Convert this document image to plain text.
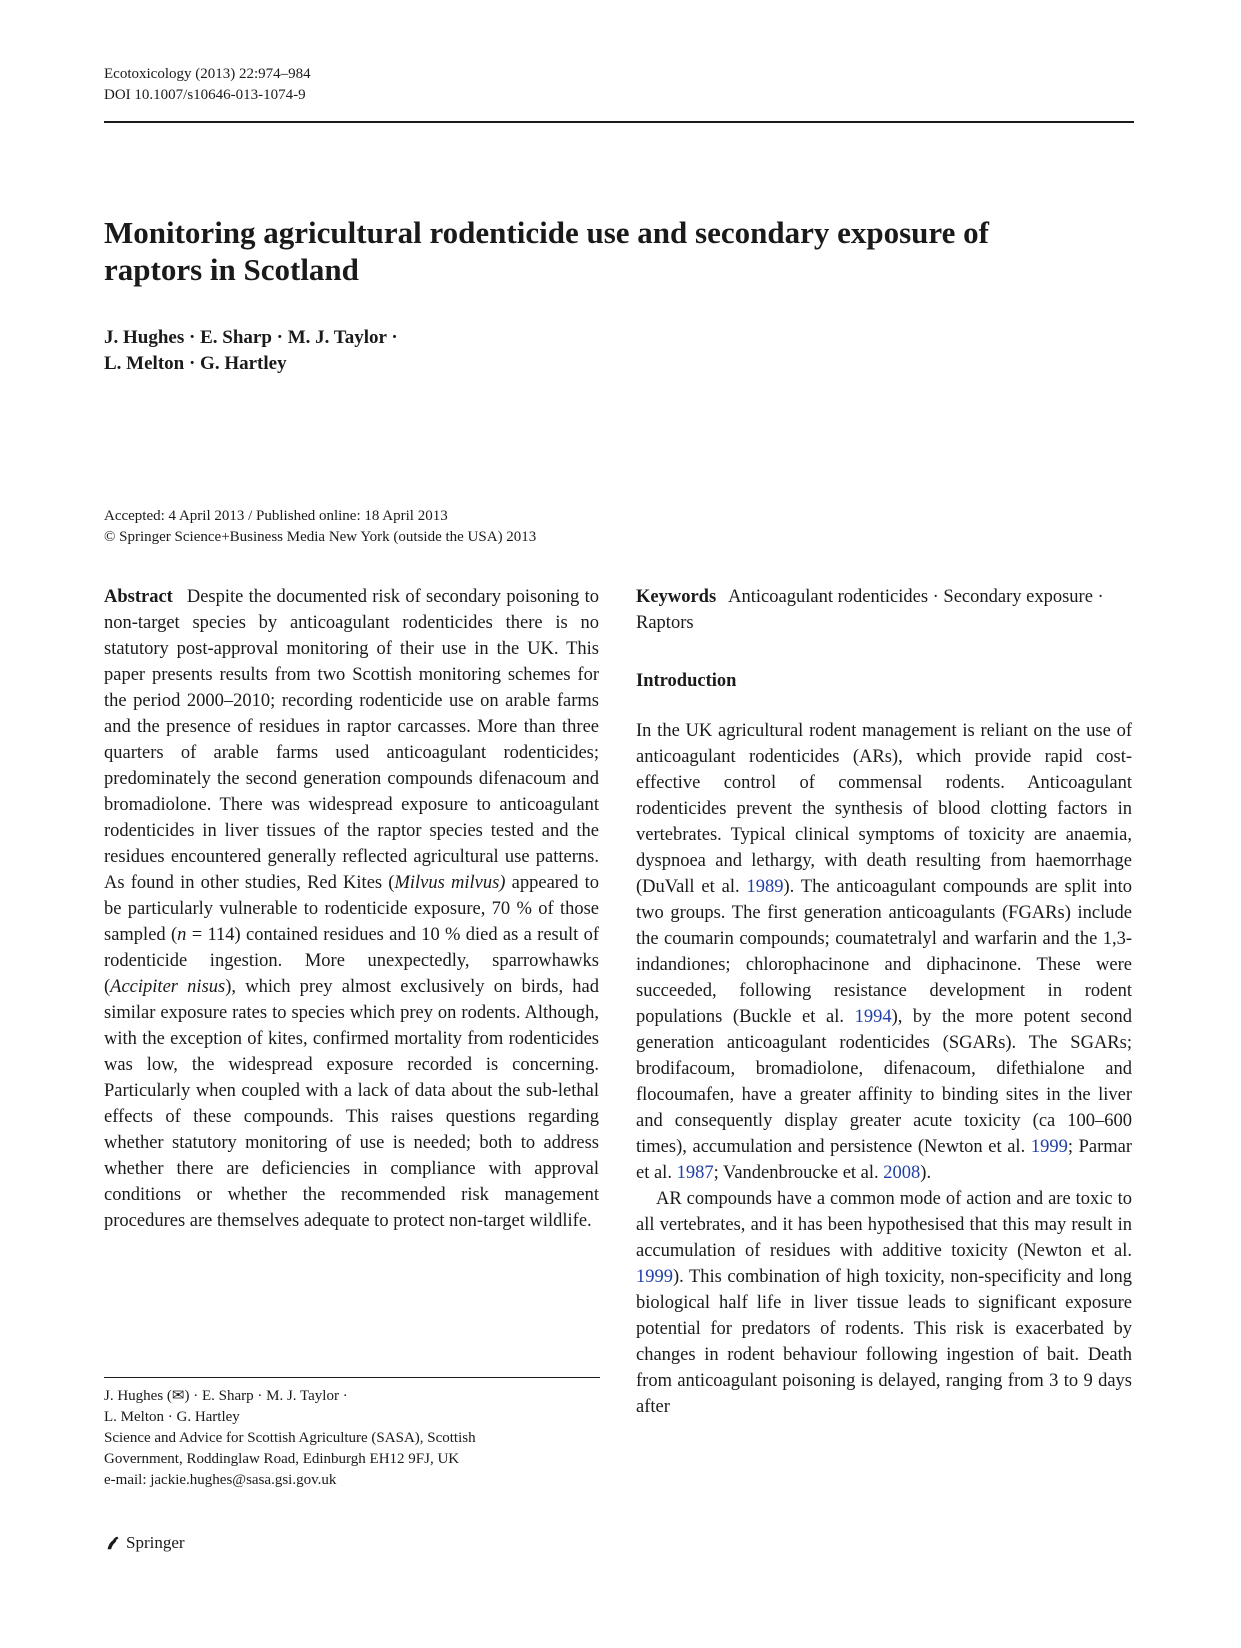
Ecotoxicology (2013) 22:974–984
DOI 10.1007/s10646-013-1074-9
Monitoring agricultural rodenticide use and secondary exposure of raptors in Scotland
J. Hughes · E. Sharp · M. J. Taylor ·
L. Melton · G. Hartley
Accepted: 4 April 2013 / Published online: 18 April 2013
© Springer Science+Business Media New York (outside the USA) 2013

Abstract Despite the documented risk of secondary poisoning to non-target species by anticoagulant rodenticides there is no statutory post-approval monitoring of their use in the UK. This paper presents results from two Scottish monitoring schemes for the period 2000–2010; recording rodenticide use on arable farms and the presence of residues in raptor carcasses. More than three quarters of arable farms used anticoagulant rodenticides; predominately the second generation compounds difenacoum and bromadiolone. There was widespread exposure to anticoagulant rodenticides in liver tissues of the raptor species tested and the residues encountered generally reflected agricultural use patterns. As found in other studies, Red Kites (Milvus milvus) appeared to be particularly vulnerable to rodenticide exposure, 70 % of those sampled (n = 114) contained residues and 10 % died as a result of rodenticide ingestion. More unexpectedly, sparrowhawks (Accipiter nisus), which prey almost exclusively on birds, had similar exposure rates to species which prey on rodents. Although, with the exception of kites, confirmed mortality from rodenticides was low, the widespread exposure recorded is concerning. Particularly when coupled with a lack of data about the sub-lethal effects of these compounds. This raises questions regarding whether statutory monitoring of use is needed; both to address whether there are deficiencies in compliance with approval conditions or whether the recommended risk management procedures are themselves adequate to protect non-target wildlife.

Keywords Anticoagulant rodenticides · Secondary exposure · Raptors

Introduction

In the UK agricultural rodent management is reliant on the use of anticoagulant rodenticides (ARs), which provide rapid cost-effective control of commensal rodents. Anticoagulant rodenticides prevent the synthesis of blood clotting factors in vertebrates. Typical clinical symptoms of toxicity are anaemia, dyspnoea and lethargy, with death resulting from haemorrhage (DuVall et al. 1989). The anticoagulant compounds are split into two groups. The first generation anticoagulants (FGARs) include the coumarin compounds; coumatetralyl and warfarin and the 1,3-indandiones; chlorophacinone and diphacinone. These were succeeded, following resistance development in rodent populations (Buckle et al. 1994), by the more potent second generation anticoagulant rodenticides (SGARs). The SGARs; brodifacoum, bromadiolone, difenacoum, difethialone and flocoumafen, have a greater affinity to binding sites in the liver and consequently display greater acute toxicity (ca 100–600 times), accumulation and persistence (Newton et al. 1999; Parmar et al. 1987; Vandenbroucke et al. 2008).

AR compounds have a common mode of action and are toxic to all vertebrates, and it has been hypothesised that this may result in accumulation of residues with additive toxicity (Newton et al. 1999). This combination of high toxicity, non-specificity and long biological half life in liver tissue leads to significant exposure potential for predators of rodents. This risk is exacerbated by changes in rodent behaviour following ingestion of bait. Death from anticoagulant poisoning is delayed, ranging from 3 to 9 days after

J. Hughes (✉) · E. Sharp · M. J. Taylor ·
L. Melton · G. Hartley
Science and Advice for Scottish Agriculture (SASA), Scottish
Government, Roddinglaw Road, Edinburgh EH12 9FJ, UK
e-mail: jackie.hughes@sasa.gsi.gov.uk
Springer
